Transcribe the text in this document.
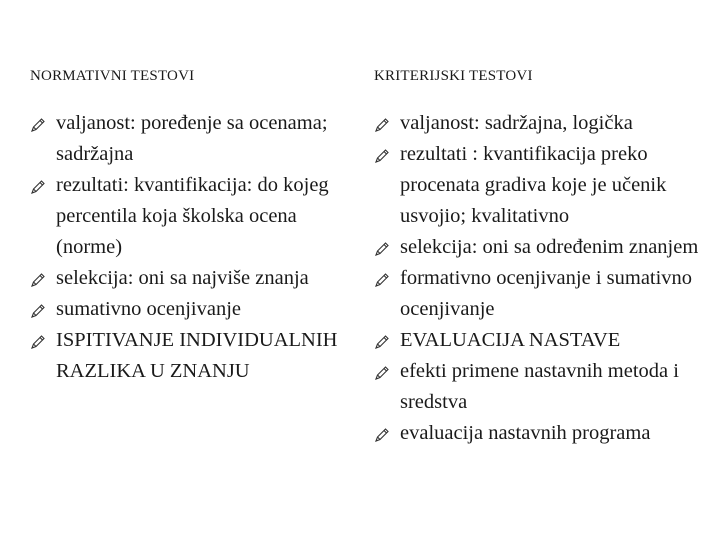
NORMATIVNI TESTOVI
valjanost: poređenje sa ocenama; sadržajna
rezultati: kvantifikacija: do kojeg percentila koja školska ocena (norme)
selekcija: oni sa najviše znanja
sumativno ocenjivanje
ISPITIVANJE INDIVIDUALNIH RAZLIKA U ZNANJU
KRITERIJSKI TESTOVI
valjanost: sadržajna, logička
rezultati : kvantifikacija preko procenata gradiva koje je učenik usvojio; kvalitativno
selekcija: oni sa određenim znanjem
formativno ocenjivanje i sumativno ocenjivanje
EVALUACIJA NASTAVE
efekti primene nastavnih metoda i sredstva
evaluacija nastavnih programa
